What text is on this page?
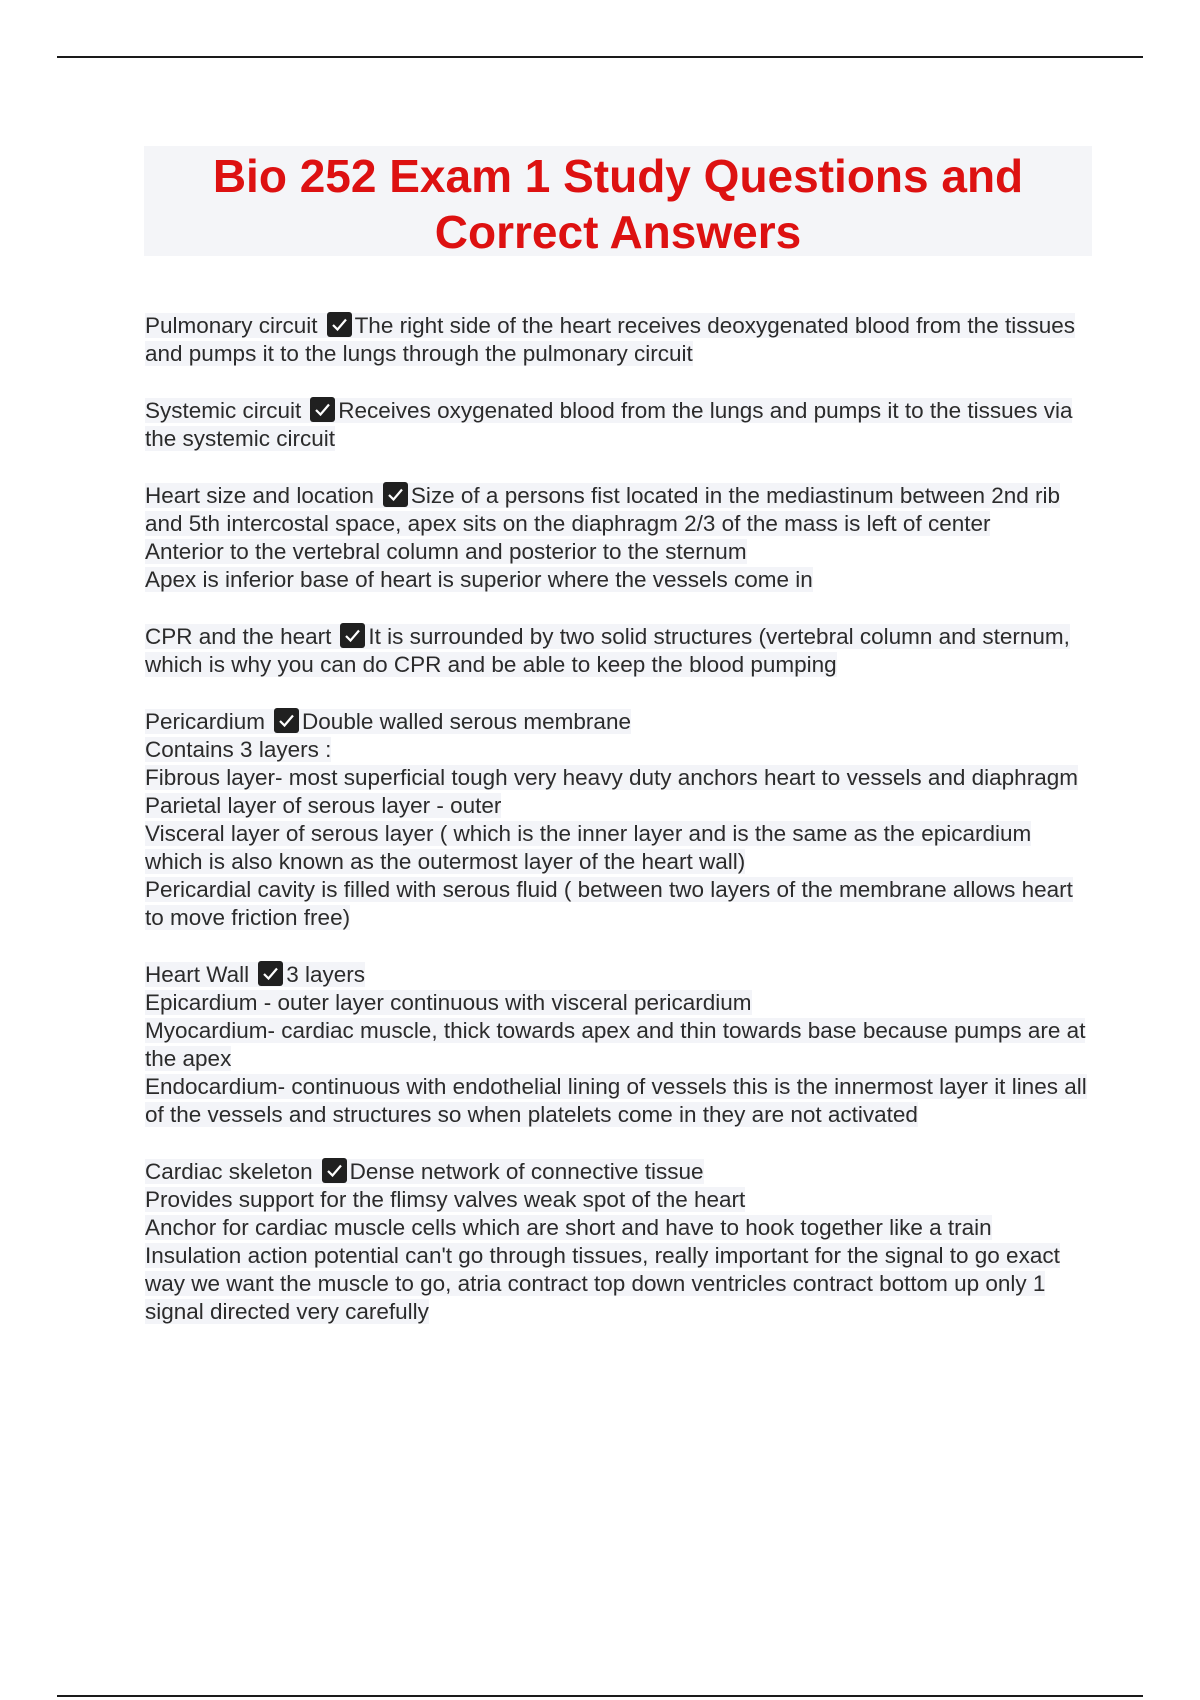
Bio 252 Exam 1 Study Questions and
Correct Answers

Pulmonary circuit The right side of the heart receives deoxygenated blood from the tissues and pumps it to the lungs through the pulmonary circuit

Systemic circuit Receives oxygenated blood from the lungs and pumps it to the tissues via the systemic circuit

Heart size and location Size of a persons fist located in the mediastinum between 2nd rib and 5th intercostal space, apex sits on the diaphragm 2/3 of the mass is left of center

Anterior to the vertebral column and posterior to the sternum

Apex is inferior base of heart is superior where the vessels come in

CPR and the heart It is surrounded by two solid structures (vertebral column and sternum, which is why you can do CPR and be able to keep the blood pumping

Pericardium Double walled serous membrane

Contains 3 layers :

Fibrous layer- most superficial tough very heavy duty anchors heart to vessels and diaphragm

Parietal layer of serous layer - outer

Visceral layer of serous layer ( which is the inner layer and is the same as the epicardium which is also known as the outermost layer of the heart wall)

Pericardial cavity is filled with serous fluid ( between two layers of the membrane allows heart to move friction free)

Heart Wall 3 layers

Epicardium - outer layer continuous with visceral pericardium

Myocardium- cardiac muscle, thick towards apex and thin towards base because pumps are at the apex

Endocardium- continuous with endothelial lining of vessels this is the innermost layer it lines all of the vessels and structures so when platelets come in they are not activated

Cardiac skeleton Dense network of connective tissue

Provides support for the flimsy valves weak spot of the heart

Anchor for cardiac muscle cells which are short and have to hook together like a train

Insulation action potential can't go through tissues, really important for the signal to go exact way we want the muscle to go, atria contract top down ventricles contract bottom up only 1 signal directed very carefully
